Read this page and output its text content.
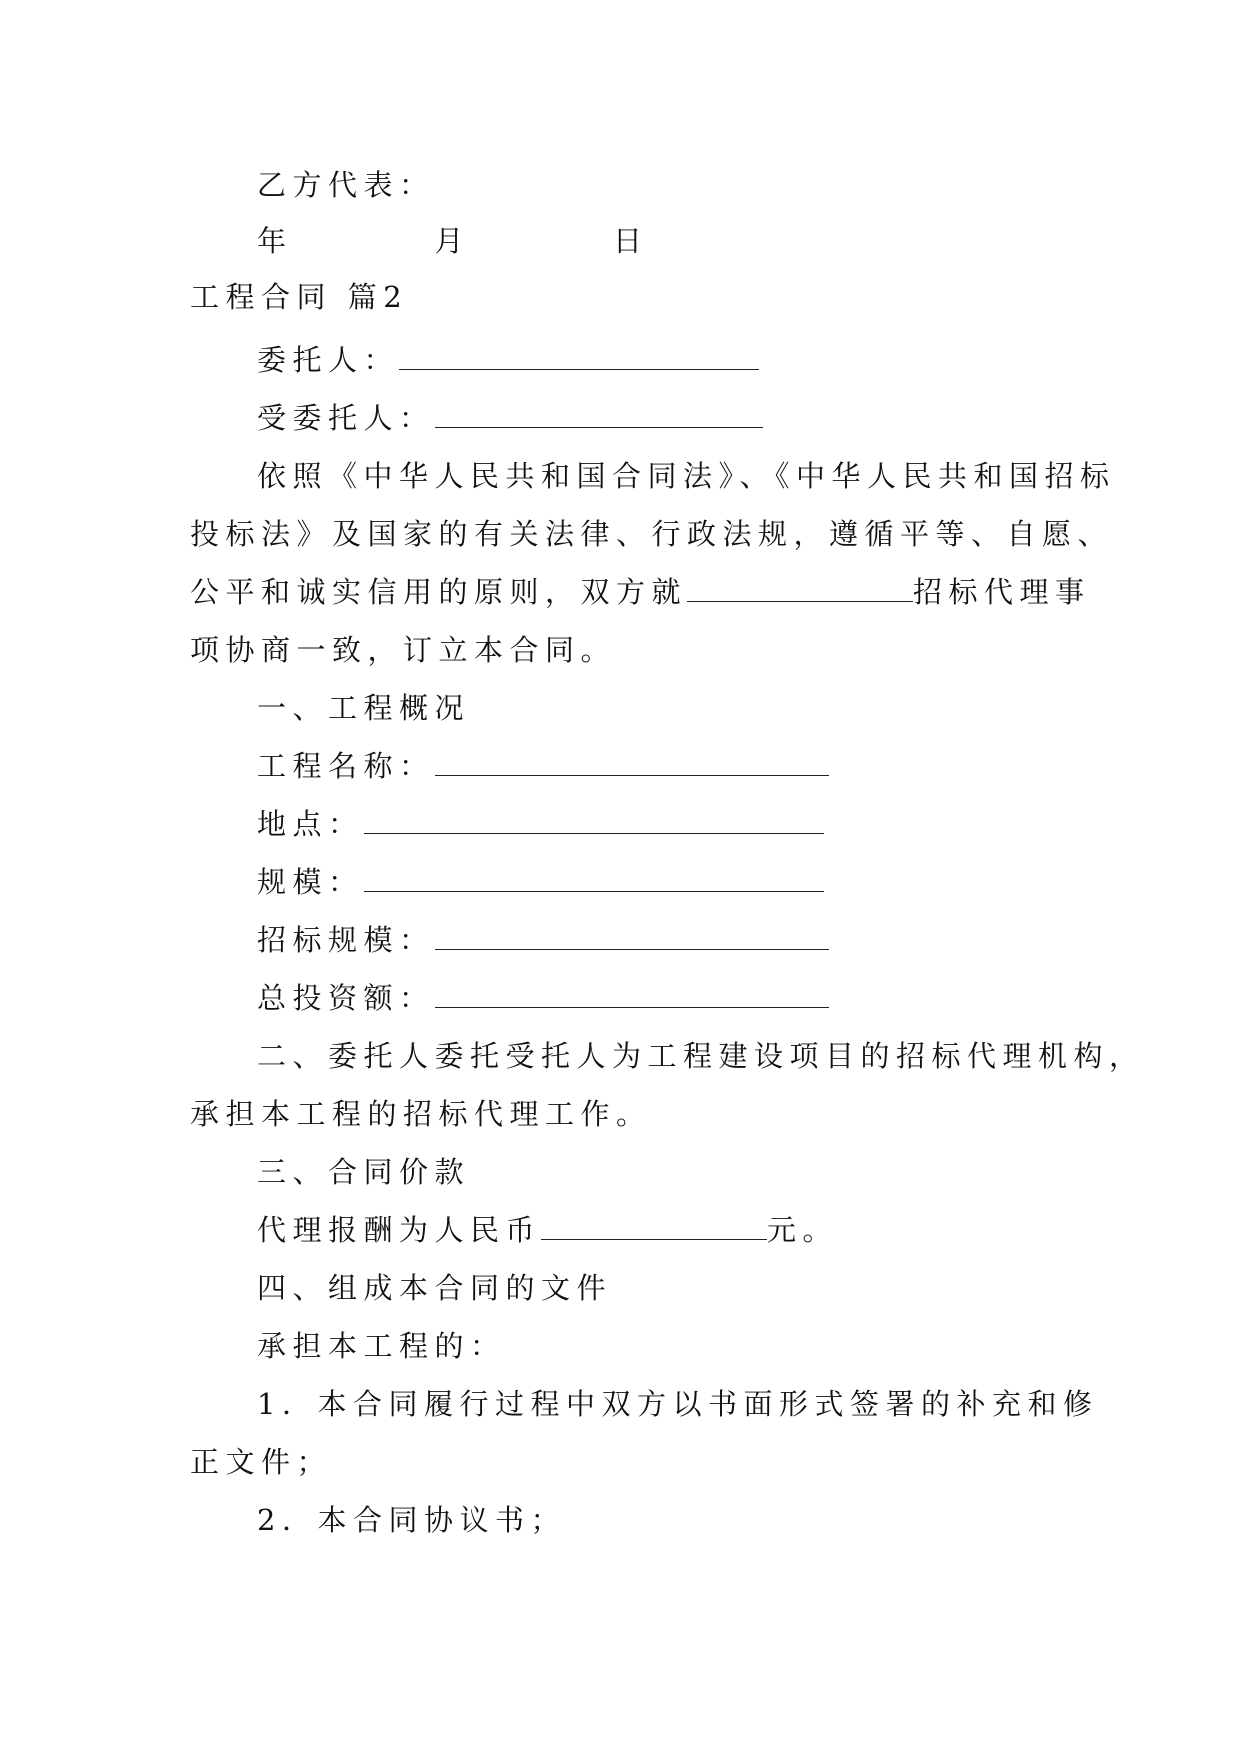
乙方代表：
年	月	日
工程合同 篇2
委托人：
受委托人：
依照《中华人民共和国合同法》、《中华人民共和国招标
投标法》及国家的有关法律、行政法规，遵循平等、自愿、
公平和诚实信用的原则，双方就	招标代理事
项协商一致，订立本合同。
一、工程概况
工程名称：
地点：
规模：
招标规模：
总投资额：
二、委托人委托受托人为工程建设项目的招标代理机构，
承担本工程的招标代理工作。
三、合同价款
代理报酬为人民币	元。
四、组成本合同的文件
承担本工程的：
1．本合同履行过程中双方以书面形式签署的补充和修
正文件；
2．本合同协议书；
